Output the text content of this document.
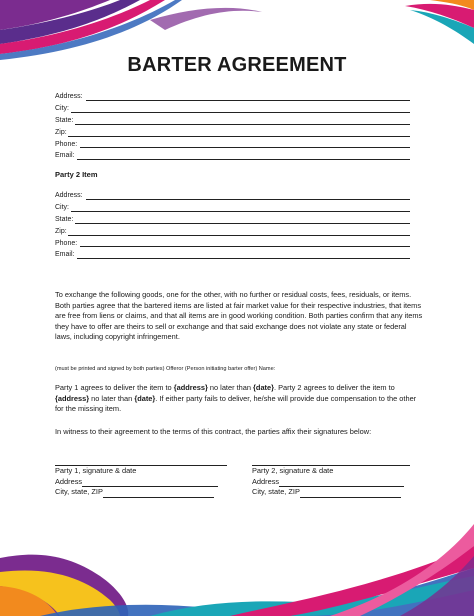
BARTER AGREEMENT
Address:
City:
State:
Zip:
Phone:
Email:
Party 2 Item
Address:
City:
State:
Zip:
Phone:
Email:
To exchange the following goods, one for the other, with no further or residual costs, fees, residuals, or items. Both parties agree that the bartered items are listed at fair market value for their respective industries, that items are free from liens or claims, and that all items are in good working condition. Both parties confirm that any items they have to offer are theirs to sell or exchange and that said exchange does not violate any state or federal laws, including copyright infringement.
(must be printed and signed by both parties) Offeror (Person initiating barter offer) Name:
Party 1 agrees to deliver the item to {address} no later than {date}. Party 2 agrees to deliver the item to {address} no later than {date}. If either party fails to deliver, he/she will provide due compensation to the other for the missing item.
In witness to their agreement to the terms of this contract, the parties affix their signatures below:
Party 1, signature & date
Address
City, state, ZIP
Party 2, signature & date
Address
City, state, ZIP
